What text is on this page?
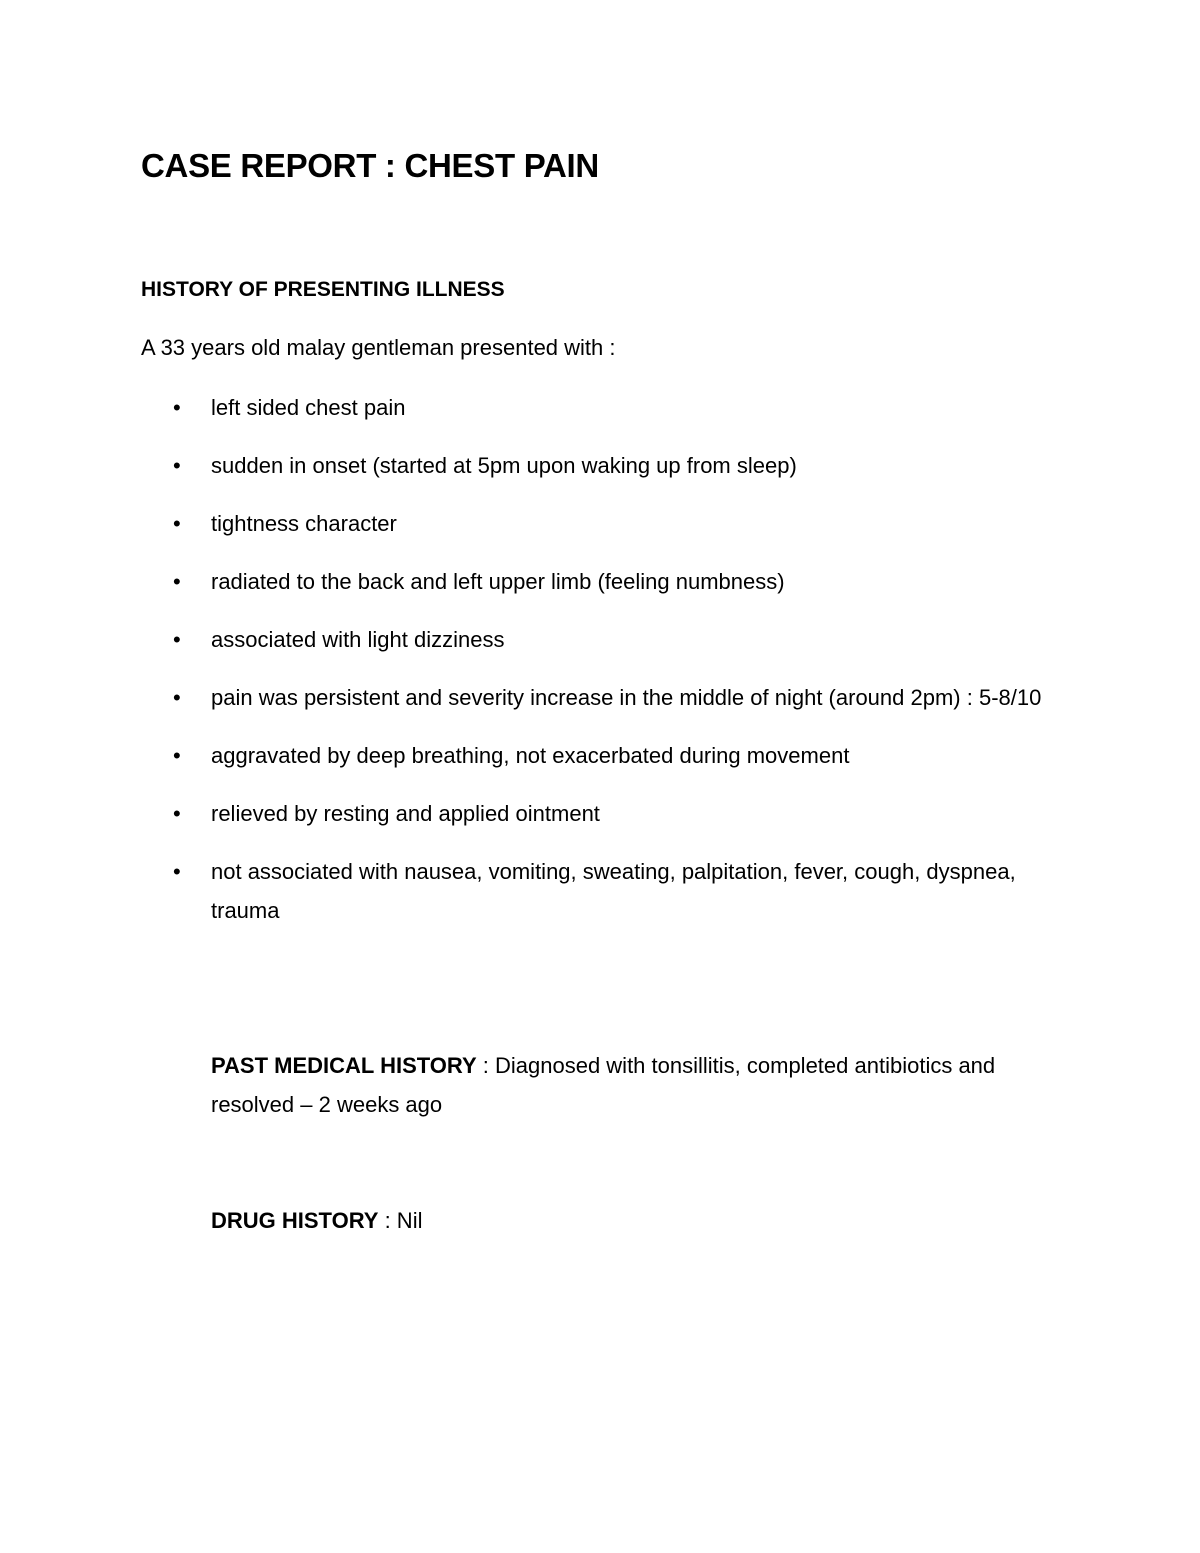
CASE REPORT : CHEST PAIN
HISTORY OF PRESENTING ILLNESS

A 33 years old malay gentleman presented with :

• left sided chest pain
• sudden in onset (started at 5pm upon waking up from sleep)
• tightness character
• radiated to the back and left upper limb (feeling numbness)
• associated with light dizziness
• pain was persistent and severity increase in the middle of night (around 2pm) : 5-8/10
• aggravated by deep breathing, not exacerbated during movement
• relieved by resting and applied ointment
• not associated with nausea, vomiting, sweating, palpitation, fever, cough, dyspnea, trauma

PAST MEDICAL HISTORY : Diagnosed with tonsillitis, completed antibiotics and resolved – 2 weeks ago

DRUG HISTORY : Nil
